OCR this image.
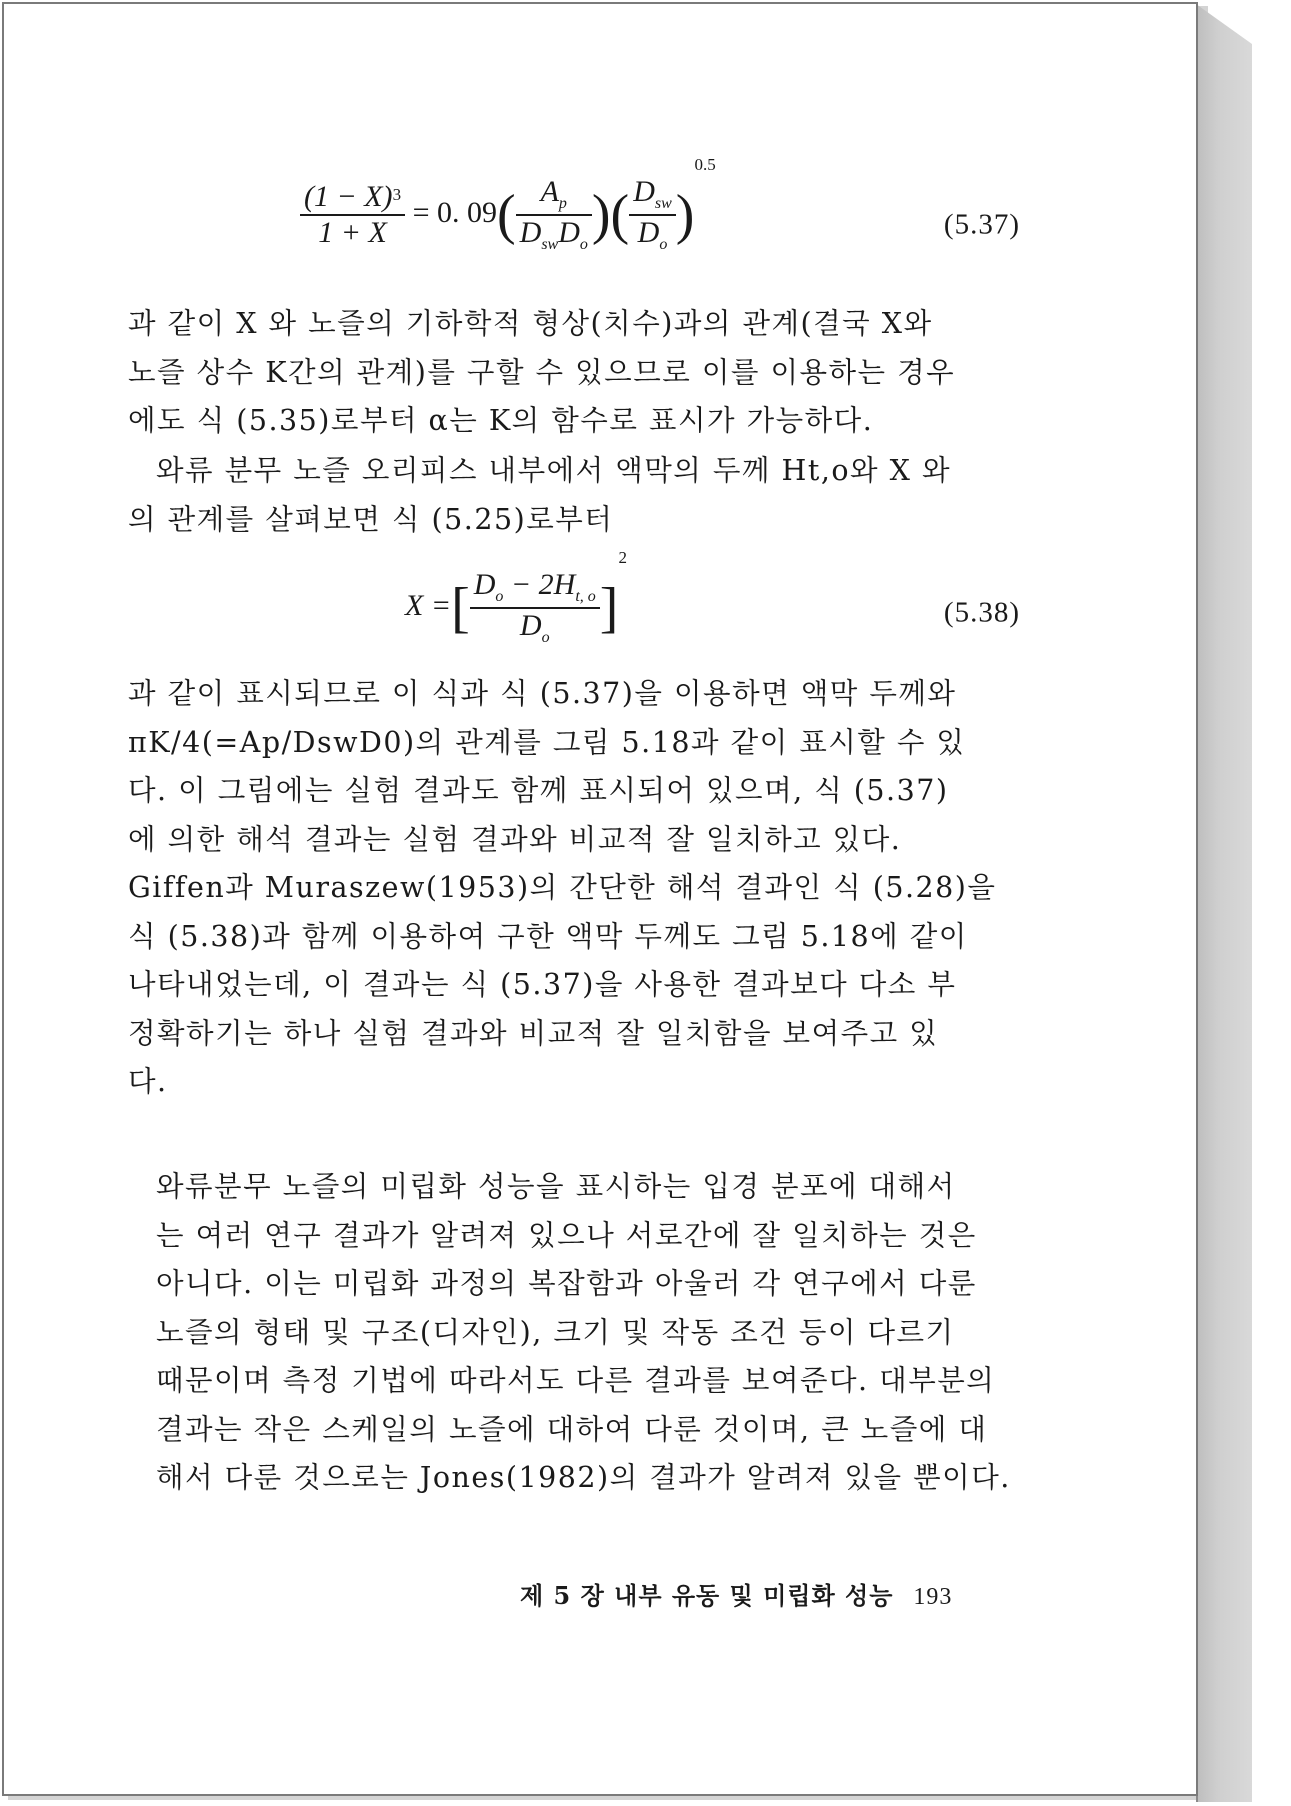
$\frac{(1 - X)^3}{1 + X} = 0$. $09( \frac{A_p}{D_{sw}D_o}$ )( $\frac{D_{sw}}{D_o} )^{0.5}$
(5.37)

과 같이 X 와 노즐의 기하학적 형상(치수)과의 관계(결국 X와
노즐 상수 K간의 관계)를 구할 수 있으므로 이를 이용하는 경우
에도 식 (5.35)로부터 α는 K의 함수로 표시가 가능하다.

와류 분무 노즐 오리피스 내부에서 액막의 두께 Ht,o와 X 와

의 관계를 살펴보면 식 (5.25)로부터

X =[ $\frac{D_o - 2H_{t, o}}{D_o} ]^2$
(5.38)

과 같이 표시되므로 이 식과 식 (5.37)을 이용하면 액막 두께와
πK/4(=Ap/DswD0)의 관계를 그림 5.18과 같이 표시할 수 있
다. 이 그림에는 실험 결과도 함께 표시되어 있으며, 식 (5.37)
에 의한 해석 결과는 실험 결과와 비교적 잘 일치하고 있다.
Giffen과 Muraszew(1953)의 간단한 해석 결과인 식 (5.28)을
식 (5.38)과 함께 이용하여 구한 액막 두께도 그림 5.18에 같이
나타내었는데, 이 결과는 식 (5.37)을 사용한 결과보다 다소 부
정확하기는 하나 실험 결과와 비교적 잘 일치함을 보여주고 있
다.

와류분무 노즐의 미립화 성능을 표시하는 입경 분포에 대해서
는 여러 연구 결과가 알려져 있으나 서로간에 잘 일치하는 것은
아니다. 이는 미립화 과정의 복잡함과 아울러 각 연구에서 다룬
노즐의 형태 및 구조(디자인), 크기 및 작동 조건 등이 다르기
때문이며 측정 기법에 따라서도 다른 결과를 보여준다. 대부분의
결과는 작은 스케일의 노즐에 대하여 다룬 것이며, 큰 노즐에 대
해서 다룬 것으로는 Jones(1982)의 결과가 알려져 있을 뿐이다.

제 5 장 내부 유동 및 미립화 성능 193
